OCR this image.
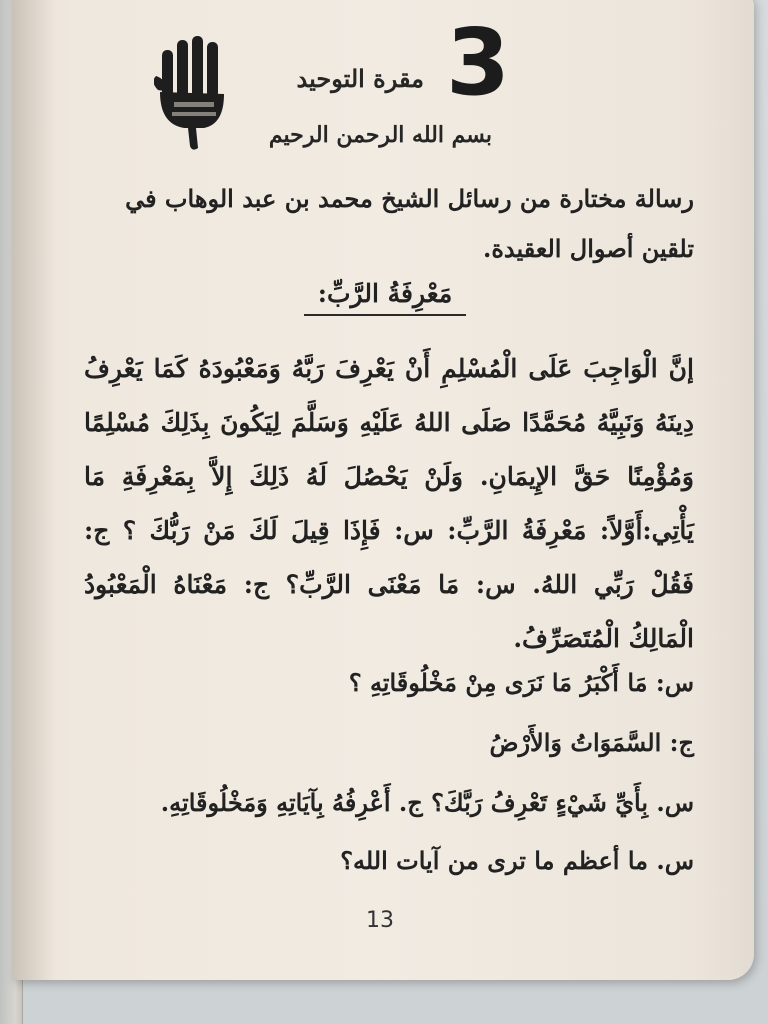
3
مقرة التوحيد
بسم الله الرحمن الرحيم
رسالة مختارة من رسائل الشيخ محمد بن عبد الوهاب في تلقين أصوال العقيدة.
مَعْرِفَةُ الرَّبِّ:
إنَّ الْوَاجِبَ عَلَى الْمُسْلِمِ أَنْ يَعْرِفَ رَبَّهُ وَمَعْبُودَهُ كَمَا يَعْرِفُ دِينَهُ وَنَبِيَّهُ مُحَمَّدًا صَلَى اللهُ عَلَيْهِ وَسَلَّمَ لِيَكُونَ بِذَلِكَ مُسْلِمًا وَمُؤْمِنًا حَقَّ الإِيمَانِ. وَلَنْ يَحْصُلَ لَهُ ذَلِكَ إِلاَّ بِمَعْرِفَةِ مَا يَأْتِي:أَوَّلاً: مَعْرِفَةُ الرَّبِّ: س: فَإِذَا قِيلَ لَكَ مَنْ رَبُّكَ ؟ ج: فَقُلْ رَبِّي اللهُ. س: مَا مَعْنَى الرَّبِّ؟ ج: مَعْنَاهُ الْمَعْبُودُ الْمَالِكُ الْمُتَصَرِّفُ.
س: مَا أَكْبَرُ مَا نَرَى مِنْ مَخْلُوقَاتِهِ ؟
ج: السَّمَوَاتُ وَالأَرْضُ
س. بِأَيِّ شَيْءٍ تَعْرِفُ رَبَّكَ؟ ج. أَعْرِفُهُ بِآيَاتِهِ وَمَخْلُوقَاتِهِ.
س. ما أعظم ما ترى من آيات الله؟
13
